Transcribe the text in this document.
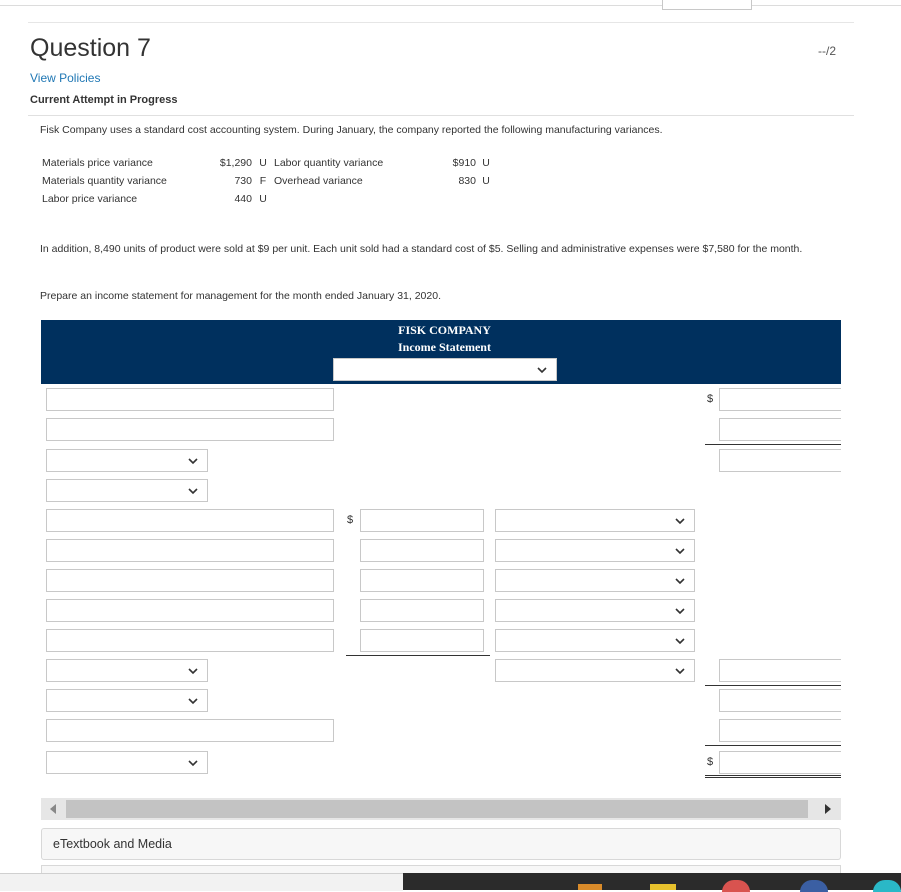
Question 7	--/2
View Policies
Current Attempt in Progress
Fisk Company uses a standard cost accounting system. During January, the company reported the following manufacturing variances.
Materials price variance	$1,290	U	Labor quantity variance	$910	U
Materials quantity variance	730	F	Overhead variance	830	U
Labor price variance	440	U			
In addition, 8,490 units of product were sold at $9 per unit. Each unit sold had a standard cost of $5. Selling and administrative expenses were $7,580 for the month.
Prepare an income statement for management for the month ended January 31, 2020.
FISK COMPANY
Income Statement
$
$
$
eTextbook and Media
